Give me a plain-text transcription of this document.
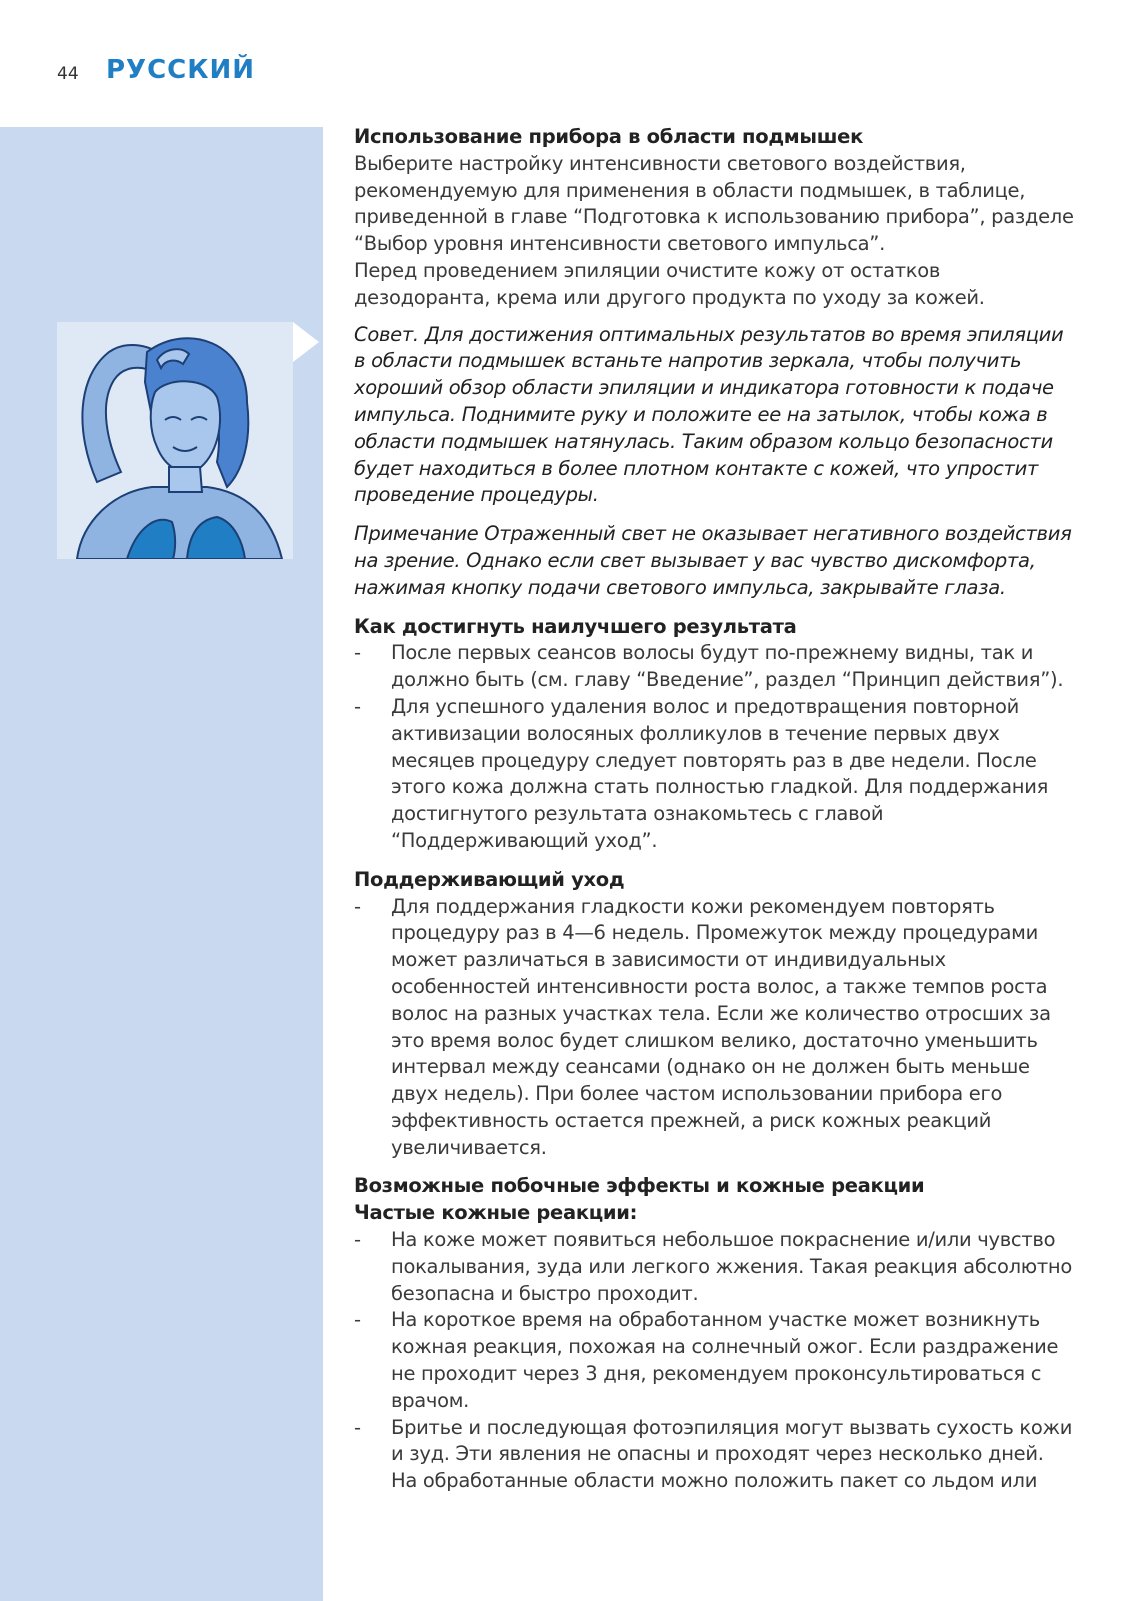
44 РУССКИЙ

Использование прибора в области подмышек

Выберите настройку интенсивности светового воздействия, рекомендуемую для применения в области подмышек, в таблице, приведенной в главе “Подготовка к использованию прибора”, разделе “Выбор уровня интенсивности светового импульса”.

Перед проведением эпиляции очистите кожу от остатков дезодоранта, крема или другого продукта по уходу за кожей.

Совет. Для достижения оптимальных результатов во время эпиляции в области подмышек встаньте напротив зеркала, чтобы получить хороший обзор области эпиляции и индикатора готовности к подаче импульса. Поднимите руку и положите ее на затылок, чтобы кожа в области подмышек натянулась. Таким образом кольцо безопасности будет находиться в более плотном контакте с кожей, что упростит проведение процедуры.

Примечание Отраженный свет не оказывает негативного воздействия на зрение. Однако если свет вызывает у вас чувство дискомфорта, нажимая кнопку подачи светового импульса, закрывайте глаза.

Как достигнуть наилучшего результата

- После первых сеансов волосы будут по-прежнему видны, так и должно быть (см. главу “Введение”, раздел “Принцип действия”).
- Для успешного удаления волос и предотвращения повторной активизации волосяных фолликулов в течение первых двух месяцев процедуру следует повторять раз в две недели. После этого кожа должна стать полностью гладкой. Для поддержания достигнутого результата ознакомьтесь с главой “Поддерживающий уход”.

Поддерживающий уход

- Для поддержания гладкости кожи рекомендуем повторять процедуру раз в 4—6 недель. Промежуток между процедурами может различаться в зависимости от индивидуальных особенностей интенсивности роста волос, а также темпов роста волос на разных участках тела. Если же количество отросших за это время волос будет слишком велико, достаточно уменьшить интервал между сеансами (однако он не должен быть меньше двух недель). При более частом использовании прибора его эффективность остается прежней, а риск кожных реакций увеличивается.

Возможные побочные эффекты и кожные реакции

Частые кожные реакции:

- На коже может появиться небольшое покраснение и/или чувство покалывания, зуда или легкого жжения. Такая реакция абсолютно безопасна и быстро проходит.
- На короткое время на обработанном участке может возникнуть кожная реакция, похожая на солнечный ожог. Если раздражение не проходит через 3 дня, рекомендуем проконсультироваться с врачом.
- Бритье и последующая фотоэпиляция могут вызвать сухость кожи и зуд. Эти явления не опасны и проходят через несколько дней. На обработанные области можно положить пакет со льдом или
